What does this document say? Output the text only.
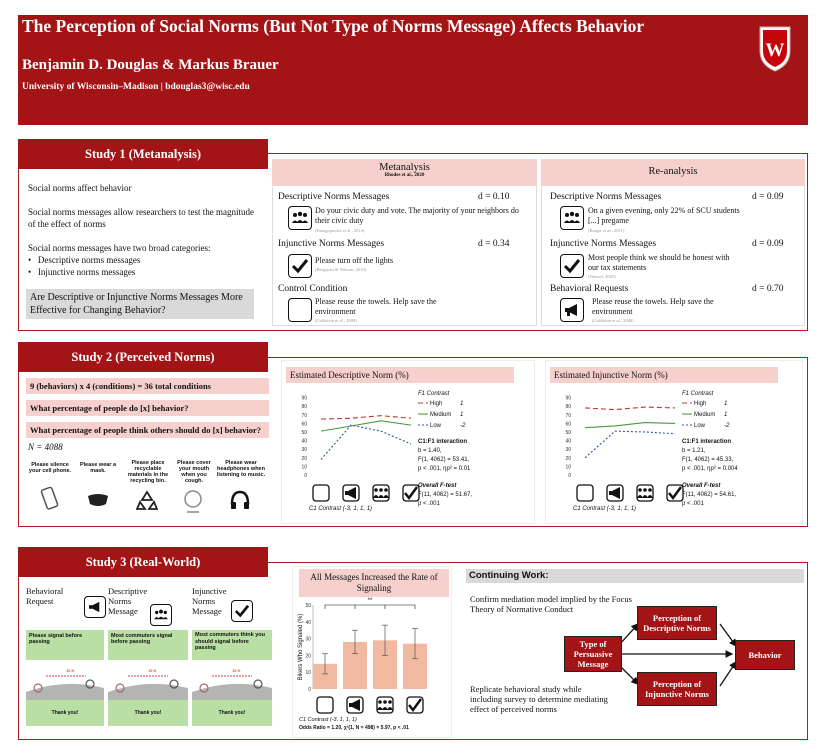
The Perception of Social Norms (But Not Type of Norms Message) Affects Behavior
Benjamin D. Douglas & Markus Brauer
University of Wisconsin–Madison | bdouglas3@wisc.edu
W
Study 1 (Metanalysis)
Social norms affect behavior
Social norms messages allow researchers to test the magnitude of the effect of norms
Social norms messages have two broad categories:
•   Descriptive norms messages
•   Injunctive norms messages
Are Descriptive or Injunctive Norms Messages More Effective for Changing Behavior?
Metanalysis
Rhodes et al., 2020	Re-analysis
Descriptive Norms Messages	d = 0.10
Do your civic duty and vote. The majority of your neighbors do their civic duty
(Panagopoulos et al., 2014)
Injunctive Norms Messages	d = 0.34
Please turn off the lights
(Bergquist & Nilsson, 2016)
Control Condition
Please reuse the towels. Help save the environment
(Goldstein et al., 2008)
Descriptive Norms Messages	d = 0.09
On a given evening, only 22% of SCU students [...] pregame
(Burger et al., 2011)
Injunctive Norms Messages	d = 0.09
Most people think we should be honest with our tax statements
(Wenzel, 2005)
Behavioral Requests	d = 0.70
Please reuse the towels. Help save the environment
(Goldstein et al., 2008)
Study 2 (Perceived Norms)
9 (behaviors) x 4 (conditions) = 36 total conditions
What percentage of people do [x] behavior?
What percentage of people think others should do [x] behavior?
N = 4088
Please silence your cell phone.
Please wear a mask.
Please place recyclable materials in the recycling bin.
Please cover your mouth when you cough.
Please wear headphones when listening to music.
Estimated Descriptive Norm (%)
0
10
20
30
40
50
60
70
80
90
C1 Contrast (-3, 1, 1, 1)
F1 Contrast
High	1
Medium 1
Low	-2
C1:F1 interaction
b = 1.40,
F(1, 4062) = 53.41,
p < .001, ηp² = 0.01
Overall F-test
F(11, 4062) = 51.67,
p < .001
Estimated Injunctive Norm (%)
0
10
20
30
40
50
60
70
80
90
C1 Contrast (-3, 1, 1, 1)
F1 Contrast
High	1
Medium 1
Low	-2
C1:F1 interaction
b = 1.21,
F(1, 4062) = 45.33,
p < .001, ηp² = 0.004
Overall F-test
F(11, 4062) = 54.61,
p < .001
Study 3 (Real-World)
Behavioral Request
Descriptive Norms Message
Injunctive Norms Message
Please signal before passing
15 ft.
Thank you!
Most commuters signal before passing
15 ft.
Thank you!
Most commuters think you should signal before passing
15 ft.
Thank you!
All Messages Increased the Rate of Signaling
Bikers Who Signaled (%)
0
10
20
30
40
50
**
C1 Contrast (-3, 1, 1, 1)
Odds Ratio = 1.20, χ²(1, N = 498) = 5.97, p < .01
Continuing Work:
Confirm mediation model implied by the Focus Theory of Normative Conduct
Replicate behavioral study while including survey to determine mediating effect of perceived norms
Type of Persuasive Message
Perception of Descriptive Norms
Perception of Injunctive Norms
Behavior
